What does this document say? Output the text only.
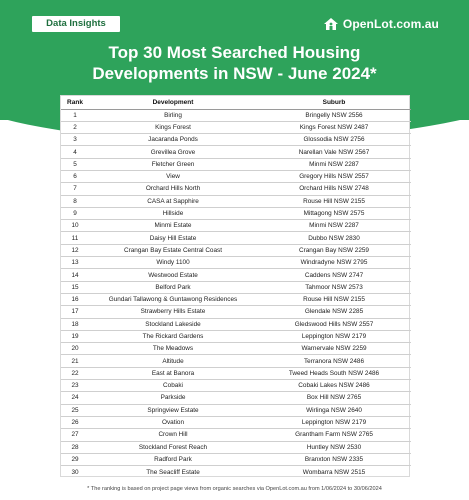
Data Insights	OpenLot.com.au
Top 30 Most Searched Housing
Developments in NSW - June 2024*
Rank	Development	Suburb
1	Birling	Bringelly NSW 2556
2	Kings Forest	Kings Forest NSW 2487
3	Jacaranda Ponds	Glossodia NSW 2756
4	Grevillea Grove	Narellan Vale NSW 2567
5	Fletcher Green	Minmi NSW 2287
6	View	Gregory Hills NSW 2557
7	Orchard Hills North	Orchard Hills NSW 2748
8	CASA at Sapphire	Rouse Hill NSW 2155
9	Hillside	Mittagong NSW 2575
10	Minmi Estate	Minmi NSW 2287
11	Daisy Hill Estate	Dubbo NSW 2830
12	Crangan Bay Estate Central Coast	Crangan Bay NSW 2259
13	Windy 1100	Windradyne NSW 2795
14	Westwood Estate	Caddens NSW 2747
15	Belford Park	Tahmoor NSW 2573
16	Gundari Tallawong & Guntawong Residences	Rouse Hill NSW 2155
17	Strawberry Hills Estate	Glendale NSW 2285
18	Stockland Lakeside	Gledswood Hills NSW 2557
19	The Rickard Gardens	Leppington NSW 2179
20	The Meadows	Warnervale NSW 2259
21	Altitude	Terranora NSW 2486
22	East at Banora	Tweed Heads South NSW 2486
23	Cobaki	Cobaki Lakes NSW 2486
24	Parkside	Box Hill NSW 2765
25	Springview Estate	Wirlinga NSW 2640
26	Ovation	Leppington NSW 2179
27	Crown Hill	Grantham Farm NSW 2765
28	Stockland Forest Reach	Huntley NSW 2530
29	Radford Park	Branxton NSW 2335
30	The Seacliff Estate	Wombarra NSW 2515
* The ranking is based on project page views from organic searches via OpenLot.com.au from 1/06/2024 to 30/06/2024
